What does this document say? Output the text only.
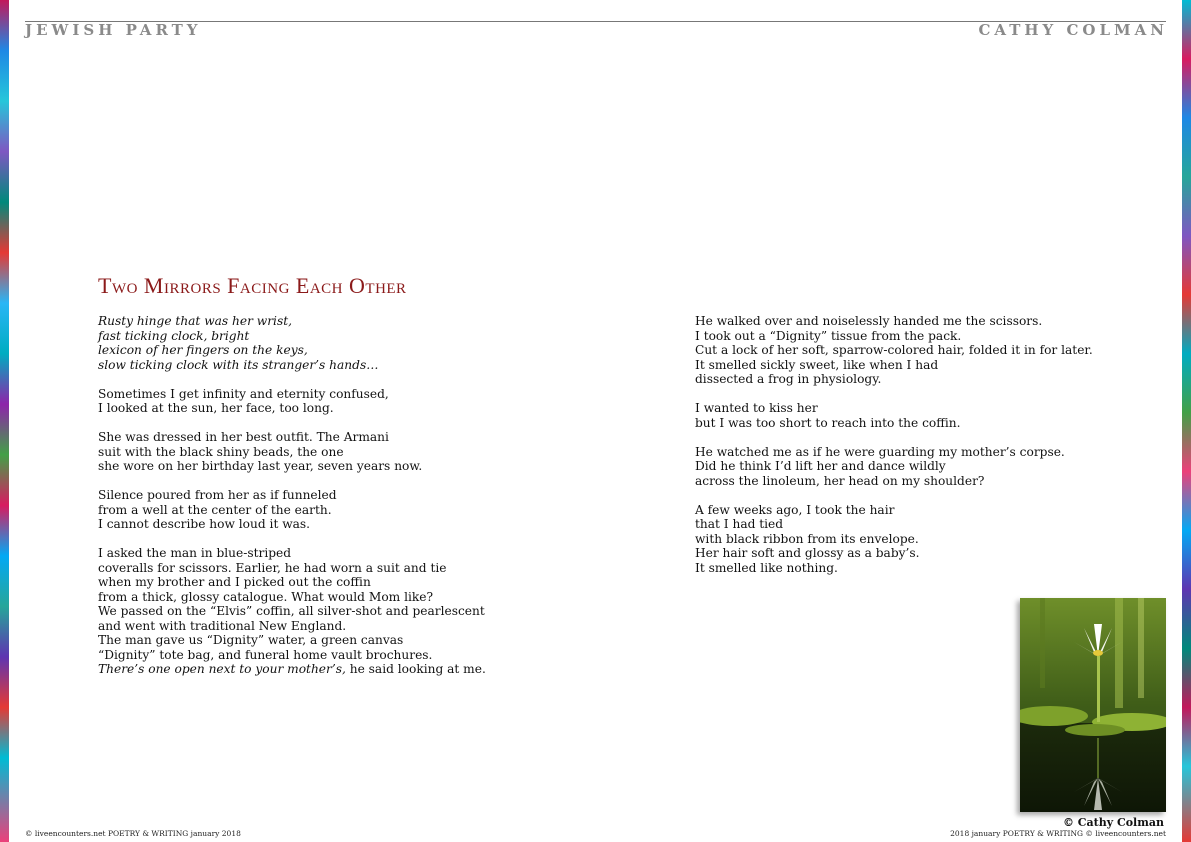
JEWISH PARTY	CATHY COLMAN
Two Mirrors Facing Each Other
Rusty hinge that was her wrist,
fast ticking clock, bright
lexicon of her fingers on the keys,
slow ticking clock with its stranger’s hands…
Sometimes I get infinity and eternity confused,
I looked at the sun, her face, too long.
She was dressed in her best outfit. The Armani
suit with the black shiny beads, the one
she wore on her birthday last year, seven years now.
Silence poured from her as if funneled
from a well at the center of the earth.
I cannot describe how loud it was.
I asked the man in blue-striped
coveralls for scissors. Earlier, he had worn a suit and tie
when my brother and I picked out the coffin
from a thick, glossy catalogue. What would Mom like?
We passed on the “Elvis” coffin, all silver-shot and pearlescent
and went with traditional New England.
The man gave us “Dignity” water, a green canvas
“Dignity” tote bag, and funeral home vault brochures.
There’s one open next to your mother’s, he said looking at me.
He walked over and noiselessly handed me the scissors.
I took out a “Dignity” tissue from the pack.
Cut a lock of her soft, sparrow-colored hair, folded it in for later.
It smelled sickly sweet, like when I had
dissected a frog in physiology.
I wanted to kiss her
but I was too short to reach into the coffin.
He watched me as if he were guarding my mother’s corpse.
Did he think I’d lift her and dance wildly
across the linoleum, her head on my shoulder?
A few weeks ago, I took the hair
that I had tied
with black ribbon from its envelope.
Her hair soft and glossy as a baby’s.
It smelled like nothing.
© Cathy Colman
© liveencounters.net POETRY & WRITING january 2018	2018 january POETRY & WRITING © liveencounters.net
